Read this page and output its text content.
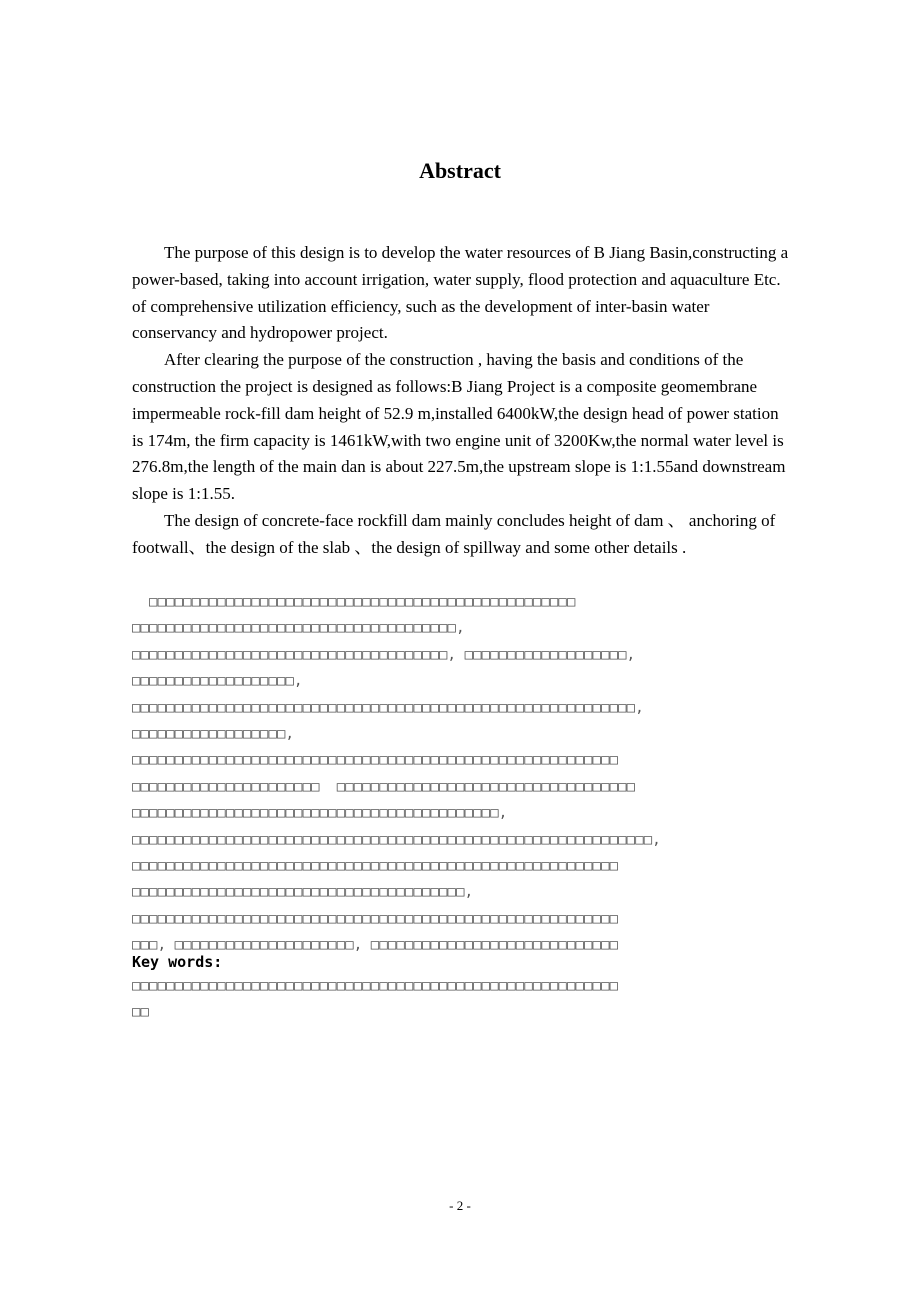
Abstract

The purpose of this design is to develop the water resources of B Jiang Basin,constructing a power-based, taking into account irrigation, water supply, flood protection and aquaculture Etc. of comprehensive utilization efficiency, such as the development of inter-basin water conservancy and hydropower project.

After clearing the purpose of the construction , having the basis and conditions of the construction the project is designed as follows:B Jiang Project is a composite geomembrane impermeable rock-fill dam height of 52.9 m,installed 6400kW,the design head of power station is 174m, the firm capacity is 1461kW,with two engine unit of 3200Kw,the normal water level is 276.8m,the length of the main dan is about 227.5m,the upstream slope is 1:1.55and downstream slope is 1:1.55.

The design of concrete-face rockfill dam mainly concludes height of dam 、 anchoring of footwall、the design of the slab 、the design of spillway and some other details .

□□□□□□□□□□□□□□□□□□□□□□□□□□□□□□□□□□□□□□□□□□□□□□□□□□
□□□□□□□□□□□□□□□□□□□□□□□□□□□□□□□□□□□□□□,
□□□□□□□□□□□□□□□□□□□□□□□□□□□□□□□□□□□□□, □□□□□□□□□□□□□□□□□□□,
□□□□□□□□□□□□□□□□□□□,
□□□□□□□□□□□□□□□□□□□□□□□□□□□□□□□□□□□□□□□□□□□□□□□□□□□□□□□□□□□,
□□□□□□□□□□□□□□□□□□,
□□□□□□□□□□□□□□□□□□□□□□□□□□□□□□□□□□□□□□□□□□□□□□□□□□□□□□□□□
□□□□□□□□□□□□□□□□□□□□□□  □□□□□□□□□□□□□□□□□□□□□□□□□□□□□□□□□□□
□□□□□□□□□□□□□□□□□□□□□□□□□□□□□□□□□□□□□□□□□□□,
□□□□□□□□□□□□□□□□□□□□□□□□□□□□□□□□□□□□□□□□□□□□□□□□□□□□□□□□□□□□□,
□□□□□□□□□□□□□□□□□□□□□□□□□□□□□□□□□□□□□□□□□□□□□□□□□□□□□□□□□
□□□□□□□□□□□□□□□□□□□□□□□□□□□□□□□□□□□□□□□,
□□□□□□□□□□□□□□□□□□□□□□□□□□□□□□□□□□□□□□□□□□□□□□□□□□□□□□□□□
□□□, □□□□□□□□□□□□□□□□□□□□□, □□□□□□□□□□□□□□□□□□□□□□□□□□□□□
Key words:
□□□□□□□□□□□□□□□□□□□□□□□□□□□□□□□□□□□□□□□□□□□□□□□□□□□□□□□□□
□□
- 2 -
